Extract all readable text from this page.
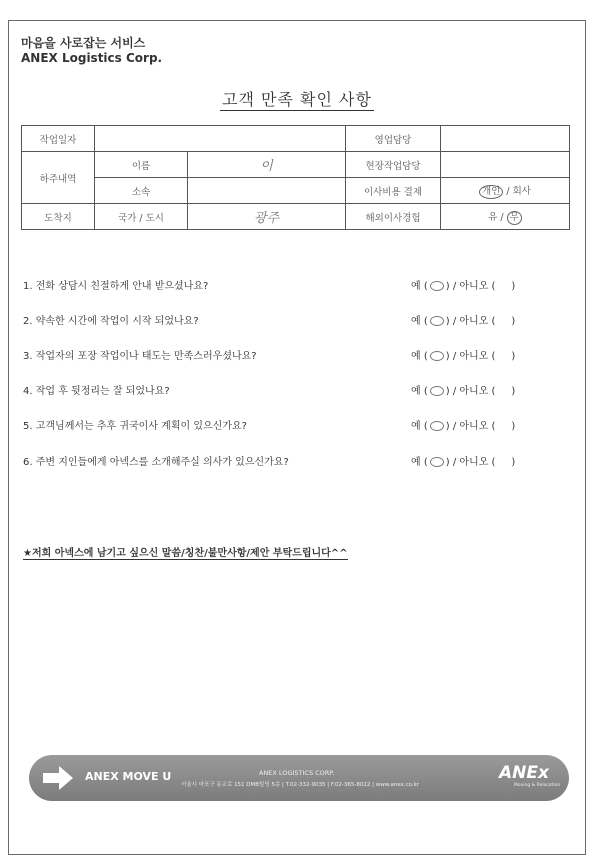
마음을 사로잡는 서비스
ANEX Logistics Corp.
고객 만족 확인 사항
작업일자			영업담당	
하주내역	이름	이	현장작업담당	
	소속		이사비용 결제	개인 / 회사
도착지	국가 / 도시	광주	해외이사경험	유 / 무
1. 전화 상담시 친절하게 안내 받으셨나요?	예 ( ) / 아니오 ( )
2. 약속한 시간에 작업이 시작 되었나요?	예 ( ) / 아니오 ( )
3. 작업자의 포장 작업이나 태도는 만족스러우셨나요?	예 ( ) / 아니오 ( )
4. 작업 후 뒷정리는 잘 되었나요?	예 ( ) / 아니오 ( )
5. 고객님께서는 추후 귀국이사 계획이 있으신가요?	예 ( ) / 아니오 ( )
6. 주변 지인들에게 아넥스를 소개해주실 의사가 있으신가요?	예 ( ) / 아니오 ( )
★저희 아넥스에 남기고 싶으신 말씀/칭찬/불만사항/제안 부탁드립니다^^
ANEX MOVE U	ANEX LOGISTICS CORP.
서울시 마포구 동교로 151 DMB빌딩 5층 | T.02-332-9035 | F.02-365-8022 | www.anex.co.kr
ANEx
Moving & Relocation
